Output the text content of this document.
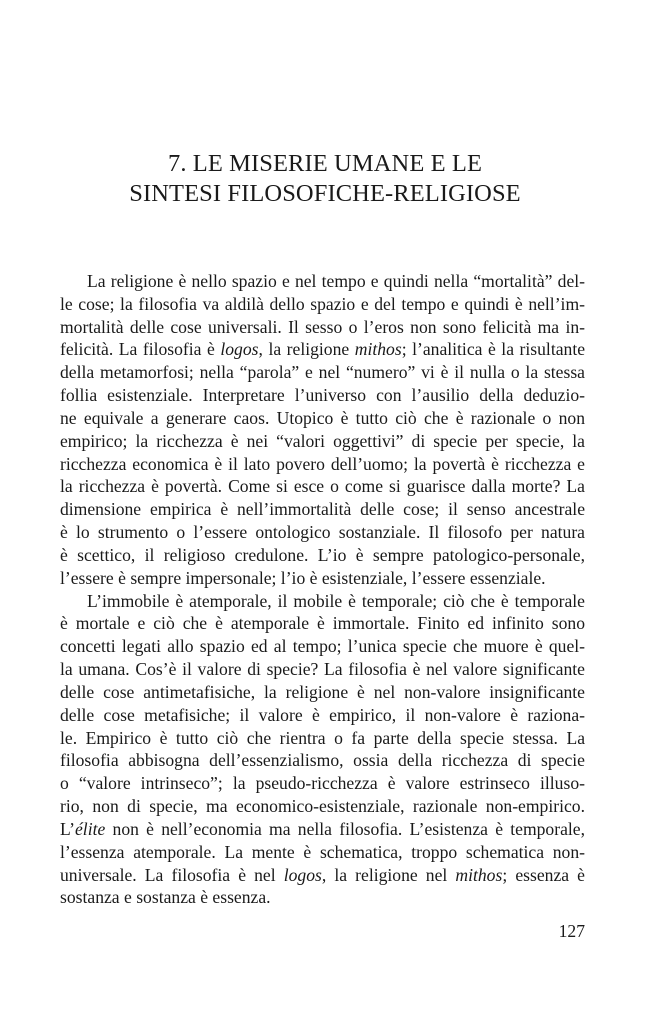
7. LE MISERIE UMANE E LE
SINTESI FILOSOFICHE-RELIGIOSE
La religione è nello spazio e nel tempo e quindi nella “mortalità” del-
le cose; la filosofia va aldilà dello spazio e del tempo e quindi è nell’im-
mortalità delle cose universali. Il sesso o l’eros non sono felicità ma in-
felicità. La filosofia è logos, la religione mithos; l’analitica è la risultante
della metamorfosi; nella “parola” e nel “numero” vi è il nulla o la stessa
follia esistenziale. Interpretare l’universo con l’ausilio della deduzio-
ne equivale a generare caos. Utopico è tutto ciò che è razionale o non
empirico; la ricchezza è nei “valori oggettivi” di specie per specie, la
ricchezza economica è il lato povero dell’uomo; la povertà è ricchezza e
la ricchezza è povertà. Come si esce o come si guarisce dalla morte? La
dimensione empirica è nell’immortalità delle cose; il senso ancestrale
è lo strumento o l’essere ontologico sostanziale. Il filosofo per natura
è scettico, il religioso credulone. L’io è sempre patologico-personale,
l’essere è sempre impersonale; l’io è esistenziale, l’essere essenziale.
L’immobile è atemporale, il mobile è temporale; ciò che è temporale
è mortale e ciò che è atemporale è immortale. Finito ed infinito sono
concetti legati allo spazio ed al tempo; l’unica specie che muore è quel-
la umana. Cos’è il valore di specie? La filosofia è nel valore significante
delle cose antimetafisiche, la religione è nel non-valore insignificante
delle cose metafisiche; il valore è empirico, il non-valore è raziona-
le. Empirico è tutto ciò che rientra o fa parte della specie stessa. La
filosofia abbisogna dell’essenzialismo, ossia della ricchezza di specie
o “valore intrinseco”; la pseudo-ricchezza è valore estrinseco illuso-
rio, non di specie, ma economico-esistenziale, razionale non-empirico.
L’élite non è nell’economia ma nella filosofia. L’esistenza è temporale,
l’essenza atemporale. La mente è schematica, troppo schematica non-
universale. La filosofia è nel logos, la religione nel mithos; essenza è
sostanza e sostanza è essenza.
127
